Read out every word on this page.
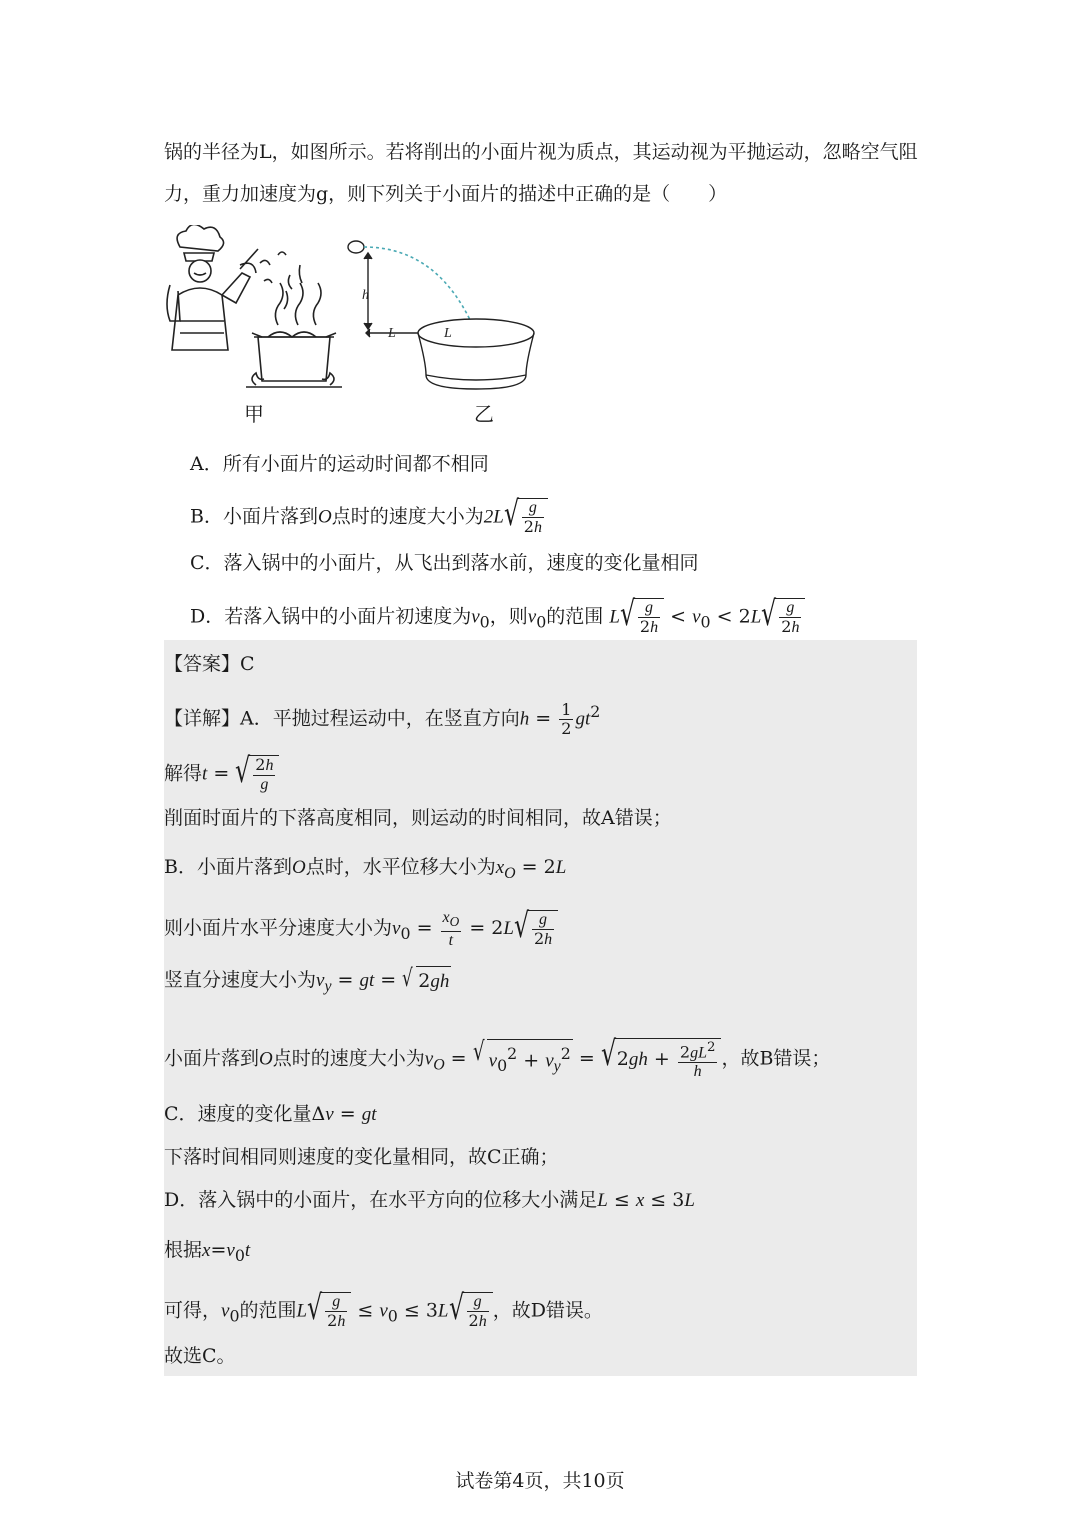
锅的半径为L，如图所示。若将削出的小面片视为质点，其运动视为平抛运动，忽略空气阻
力，重力加速度为g，则下列关于小面片的描述中正确的是（　　）
h
L	L
甲	乙
A．所有小面片的运动时间都不相同
B．小面片落到O点时的速度大小为2L √ $\frac{g}{2h}$
C．落入锅中的小面片，从飞出到落水前，速度的变化量相同
D．若落入锅中的小面片初速度为$v_0$，则$v_0$的范围 L √ $\frac{g}{2h} < v_0 < 2L$ √ $\frac{g}{2h}$
【答案】C
【详解】A．平抛过程运动中，在竖直方向$h = \frac{1}{2} gt^2$
解得t = √ $\frac{2h}{g}$
削面时面片的下落高度相同，则运动的时间相同，故A错误；
B．小面片落到O点时，水平位移大小为$x_O = 2L$
则小面片水平分速度大小为$v_0 = \frac{x_O}{t} = 2L$ √ $\frac{g}{2h}$
竖直分速度大小为$v_y$ = gt = √ 2gh
小面片落到O点时的速度大小为$v_O$ = √ $v_0^2 + v_y^2$ = √ $2gh + \frac{2gL^2}{h}$ ，故B错误；
C．速度的变化量Δv = gt
下落时间相同则速度的变化量相同，故C正确；
D．落入锅中的小面片，在水平方向的位移大小满足L ≤ x ≤ 3L
根据$x=v_0t$
可得，$v_0$的范围L √ $\frac{g}{2h} \le v_0 \le 3L$ √ $\frac{g}{2h}$ ，故D错误。
故选C。
试卷第4页，共10页
